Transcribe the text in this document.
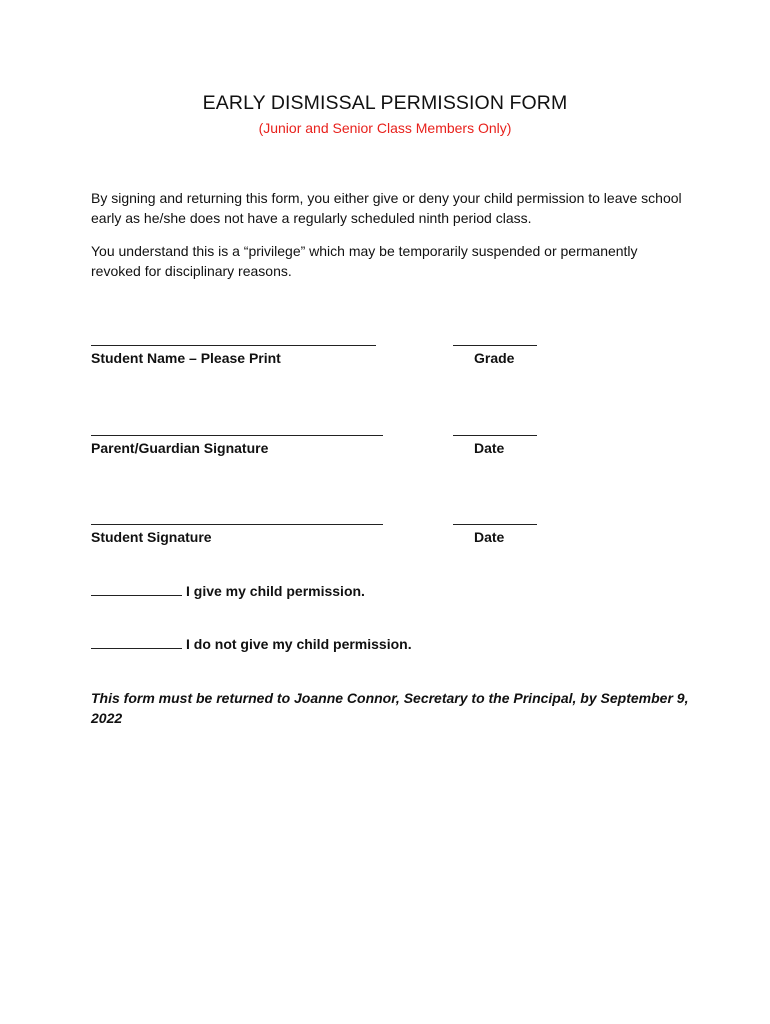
EARLY DISMISSAL PERMISSION FORM
(Junior and Senior Class Members Only)
By signing and returning this form, you either give or deny your child permission to leave school early as he/she does not have a regularly scheduled ninth period class.
You understand this is a “privilege” which may be temporarily suspended or permanently revoked for disciplinary reasons.
Student Name – Please Print	Grade
Parent/Guardian Signature	Date
Student Signature	Date
I give my child permission.
I do not give my child permission.
This form must be returned to Joanne Connor, Secretary to the Principal, by September 9, 2022
